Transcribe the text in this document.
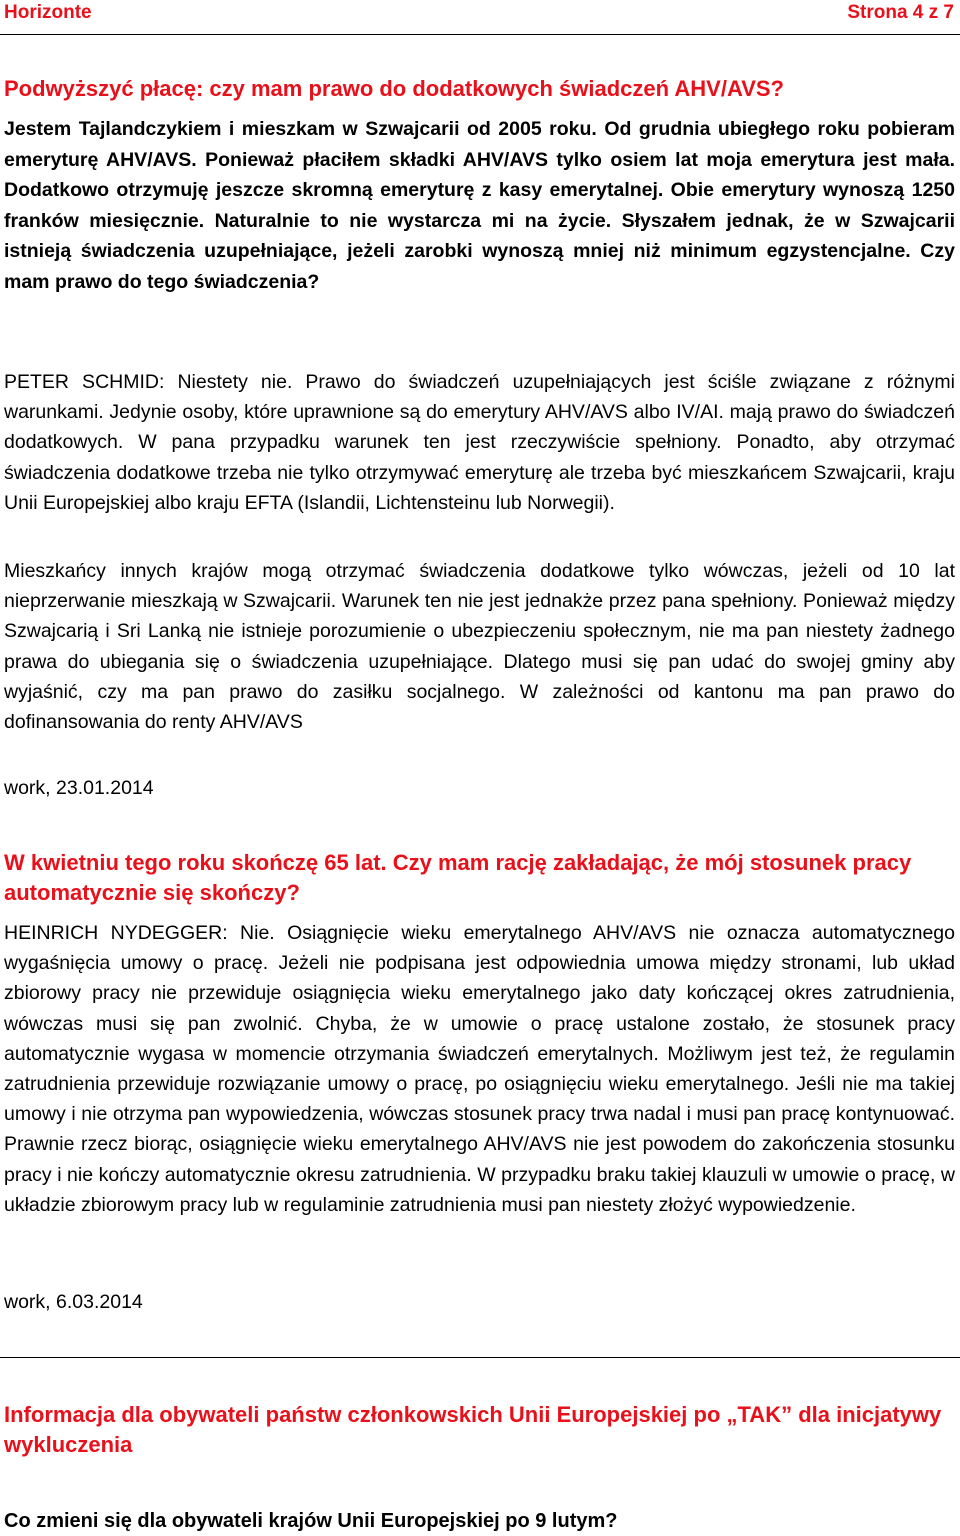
Horizonte	Strona 4 z 7

Podwyższyć płacę: czy mam prawo do dodatkowych świadczeń AHV/AVS?

Jestem Tajlandczykiem i mieszkam w Szwajcarii od 2005 roku. Od grudnia ubiegłego roku pobieram emeryturę AHV/AVS. Ponieważ płaciłem składki AHV/AVS tylko osiem lat moja emerytura jest mała. Dodatkowo otrzymuję jeszcze skromną emeryturę z kasy emerytalnej. Obie emerytury wynoszą 1250 franków miesięcznie. Naturalnie to nie wystarcza mi na życie. Słyszałem jednak, że w Szwajcarii istnieją świadczenia uzupełniające, jeżeli zarobki wynoszą mniej niż minimum egzystencjalne. Czy mam prawo do tego świadczenia?

PETER SCHMID: Niestety nie. Prawo do świadczeń uzupełniających jest ściśle związane z różnymi warunkami. Jedynie osoby, które uprawnione są do emerytury AHV/AVS albo IV/AI. mają prawo do świadczeń dodatkowych. W pana przypadku warunek ten jest rzeczywiście spełniony. Ponadto, aby otrzymać świadczenia dodatkowe trzeba nie tylko otrzymywać emeryturę ale trzeba być mieszkańcem Szwajcarii, kraju Unii Europejskiej albo kraju EFTA (Islandii, Lichtensteinu lub Norwegii).

Mieszkańcy innych krajów mogą otrzymać świadczenia dodatkowe tylko wówczas, jeżeli od 10 lat nieprzerwanie mieszkają w Szwajcarii. Warunek ten nie jest jednakże przez pana spełniony. Ponieważ między Szwajcarią i Sri Lanką nie istnieje porozumienie o ubezpieczeniu społecznym, nie ma pan niestety żadnego prawa do ubiegania się o świadczenia uzupełniające. Dlatego musi się pan udać do swojej gminy aby wyjaśnić, czy ma pan prawo do zasiłku socjalnego. W zależności od kantonu ma pan prawo do dofinansowania do renty AHV/AVS

work, 23.01.2014

W kwietniu tego roku skończę 65 lat. Czy mam rację zakładając, że mój stosunek pracy automatycznie się skończy?

HEINRICH NYDEGGER: Nie. Osiągnięcie wieku emerytalnego AHV/AVS nie oznacza automatycznego wygaśnięcia umowy o pracę. Jeżeli nie podpisana jest odpowiednia umowa między stronami, lub układ zbiorowy pracy nie przewiduje osiągnięcia wieku emerytalnego jako daty kończącej okres zatrudnienia, wówczas musi się pan zwolnić. Chyba, że w umowie o pracę ustalone zostało, że stosunek pracy automatycznie wygasa w momencie otrzymania świadczeń emerytalnych. Możliwym jest też, że regulamin zatrudnienia przewiduje rozwiązanie umowy o pracę, po osiągnięciu wieku emerytalnego. Jeśli nie ma takiej umowy i nie otrzyma pan wypowiedzenia, wówczas stosunek pracy trwa nadal i musi pan pracę kontynuować. Prawnie rzecz biorąc, osiągnięcie wieku emerytalnego AHV/AVS nie jest powodem do zakończenia stosunku pracy i nie kończy automatycznie okresu zatrudnienia. W przypadku braku takiej klauzuli w umowie o pracę, w układzie zbiorowym pracy lub w regulaminie zatrudnienia musi pan niestety złożyć wypowiedzenie.

work, 6.03.2014

Informacja dla obywateli państw członkowskich Unii Europejskiej po „TAK” dla inicjatywy wykluczenia

Co zmieni się dla obywateli krajów Unii Europejskiej po 9 lutym?
